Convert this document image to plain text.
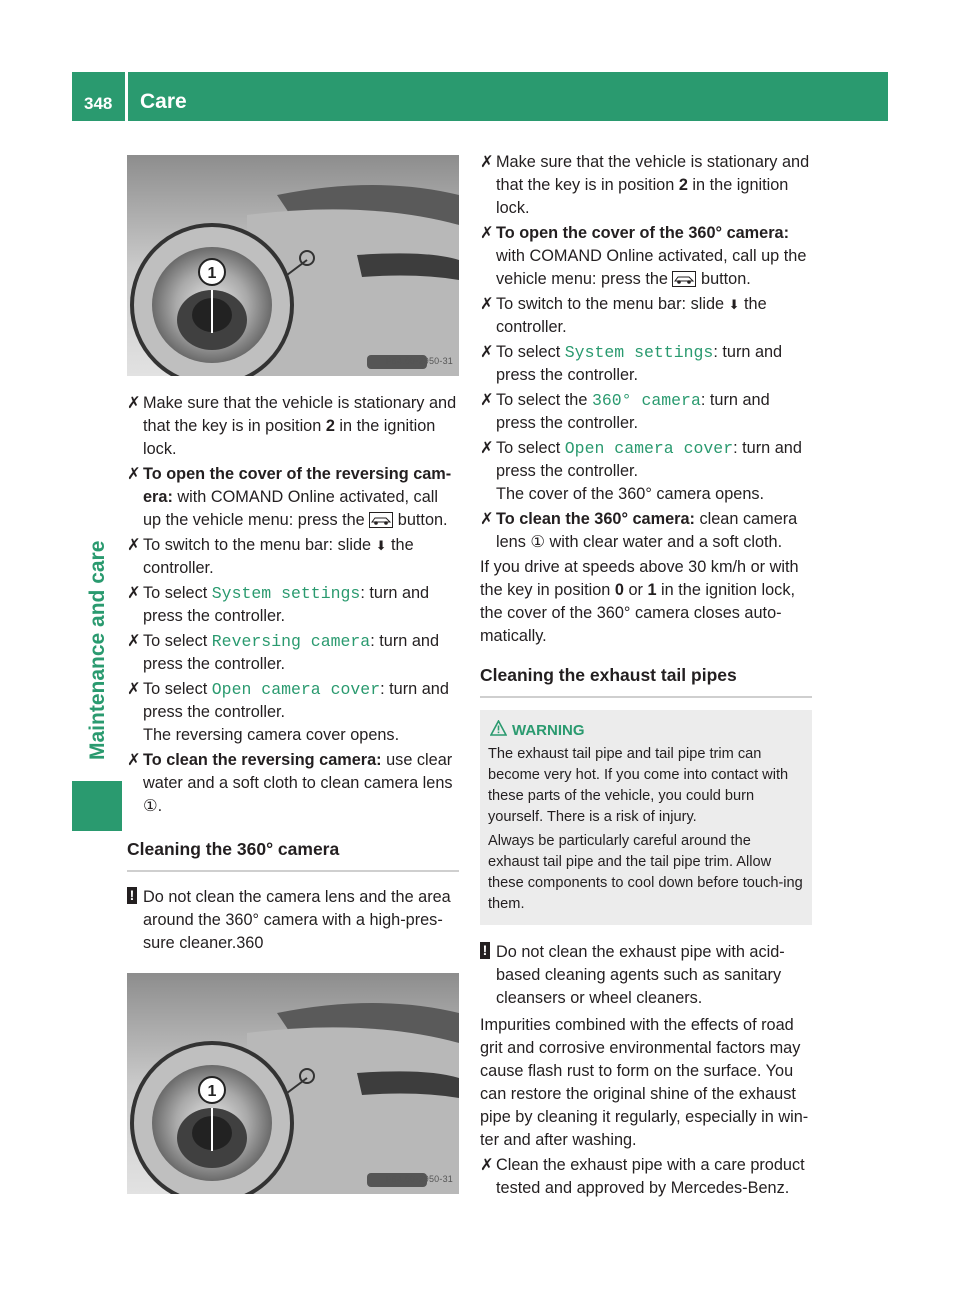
348 Care
Maintenance and care
1
P54.00-2950-31
✗ Make sure that the vehicle is stationary and that the key is in position 2 in the ignition lock.
✗ To open the cover of the reversing cam-era: with COMAND Online activated, call up the vehicle menu: press the  button.
✗ To switch to the menu bar: slide ⬇ the controller.
✗ To select System settings: turn and press the controller.
✗ To select Reversing camera: turn and press the controller.
✗ To select Open camera cover: turn and press the controller.
The reversing camera cover opens.
✗ To clean the reversing camera: use clear water and a soft cloth to clean camera lens ①.
Cleaning the 360° camera
! Do not clean the camera lens and the area around the 360° camera with a high-pres-sure cleaner.360
1
P54.00-2950-31
✗ Make sure that the vehicle is stationary and that the key is in position 2 in the ignition lock.
✗ To open the cover of the 360° camera: with COMAND Online activated, call up the vehicle menu: press the  button.
✗ To switch to the menu bar: slide ⬇ the controller.
✗ To select System settings: turn and press the controller.
✗ To select the 360° camera: turn and press the controller.
✗ To select Open camera cover: turn and press the controller.
The cover of the 360° camera opens.
✗ To clean the 360° camera: clean camera lens ① with clear water and a soft cloth.

If you drive at speeds above 30 km/h or with the key in position 0 or 1 in the ignition lock, the cover of the 360° camera closes auto-matically.

Cleaning the exhaust tail pipes
WARNING

The exhaust tail pipe and tail pipe trim can become very hot. If you come into contact with these parts of the vehicle, you could burn yourself. There is a risk of injury.

Always be particularly careful around the exhaust tail pipe and the tail pipe trim. Allow these components to cool down before touch-ing them.

! Do not clean the exhaust pipe with acid-based cleaning agents such as sanitary cleansers or wheel cleaners.

Impurities combined with the effects of road grit and corrosive environmental factors may cause flash rust to form on the surface. You can restore the original shine of the exhaust pipe by cleaning it regularly, especially in win-ter and after washing.

✗ Clean the exhaust pipe with a care product tested and approved by Mercedes-Benz.
